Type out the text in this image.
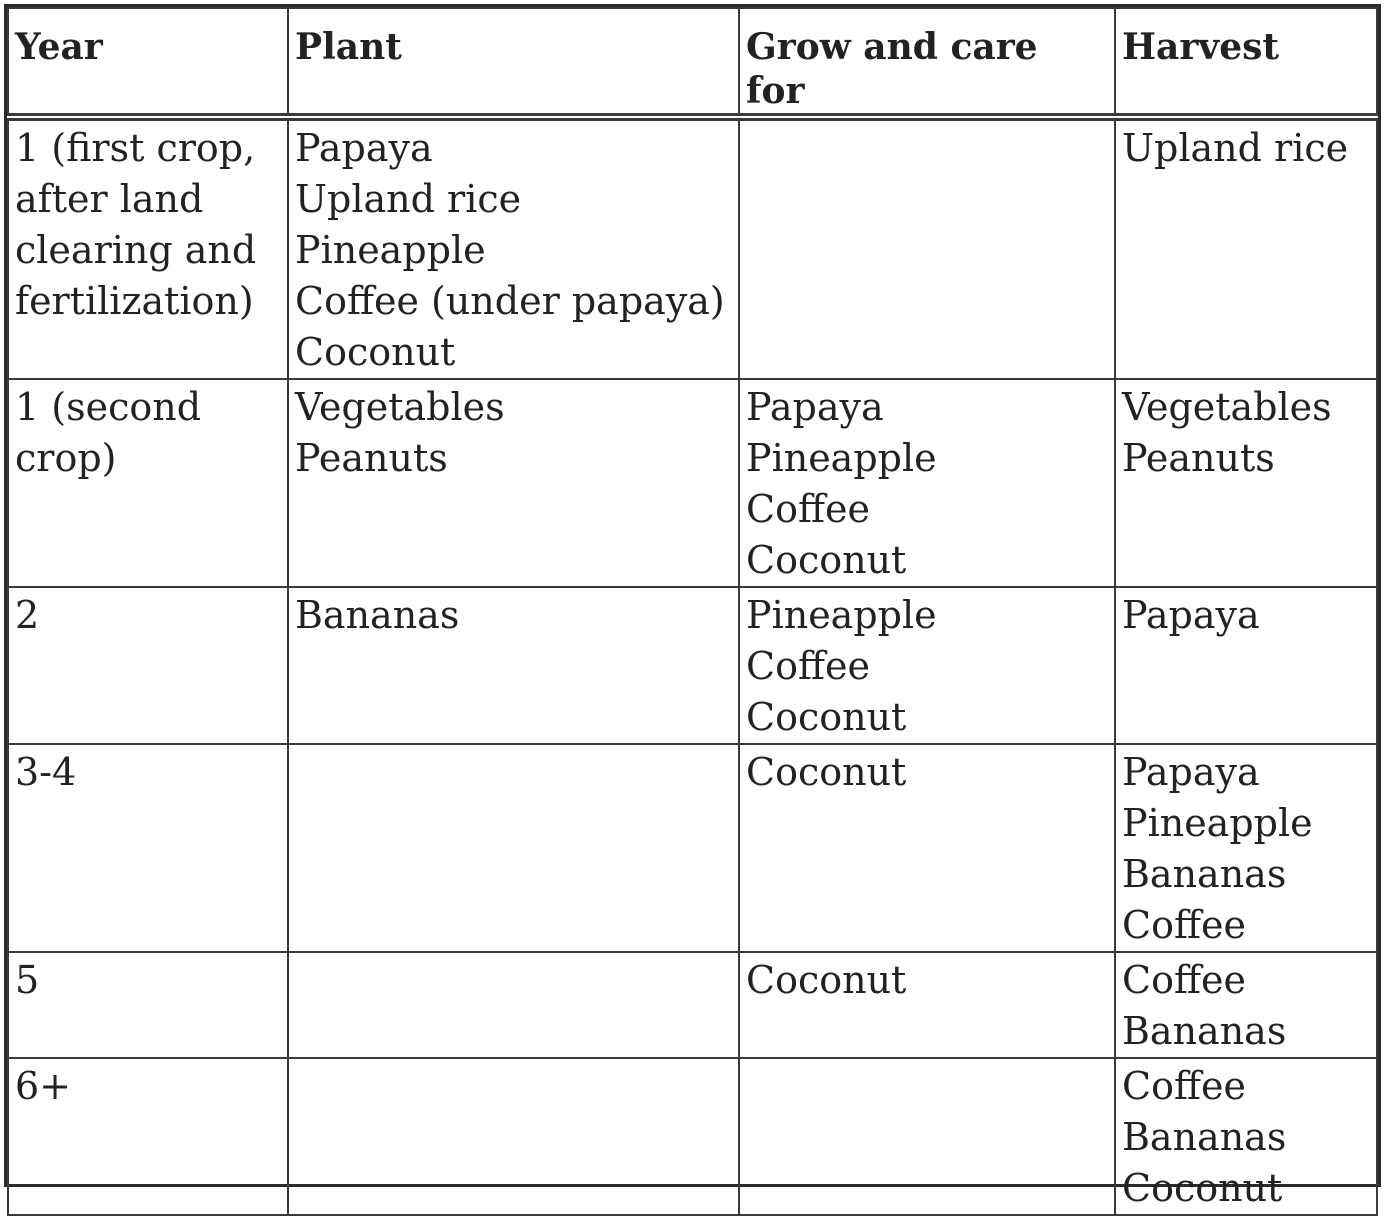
Year	Plant	Grow and care for	Harvest

1 (first crop,
after land
clearing and
fertilization)	Papaya
Upland rice
Pineapple
Coffee (under papaya)
Coconut		Upland rice

1 (second
crop)	Vegetables
Peanuts	Papaya
Pineapple
Coffee
Coconut	Vegetables
Peanuts

2	Bananas	Pineapple
Coffee
Coconut	Papaya

3-4		Coconut	Papaya
Pineapple
Bananas
Coffee

5		Coconut	Coffee
Bananas

6+			Coffee
Bananas
Coconut
